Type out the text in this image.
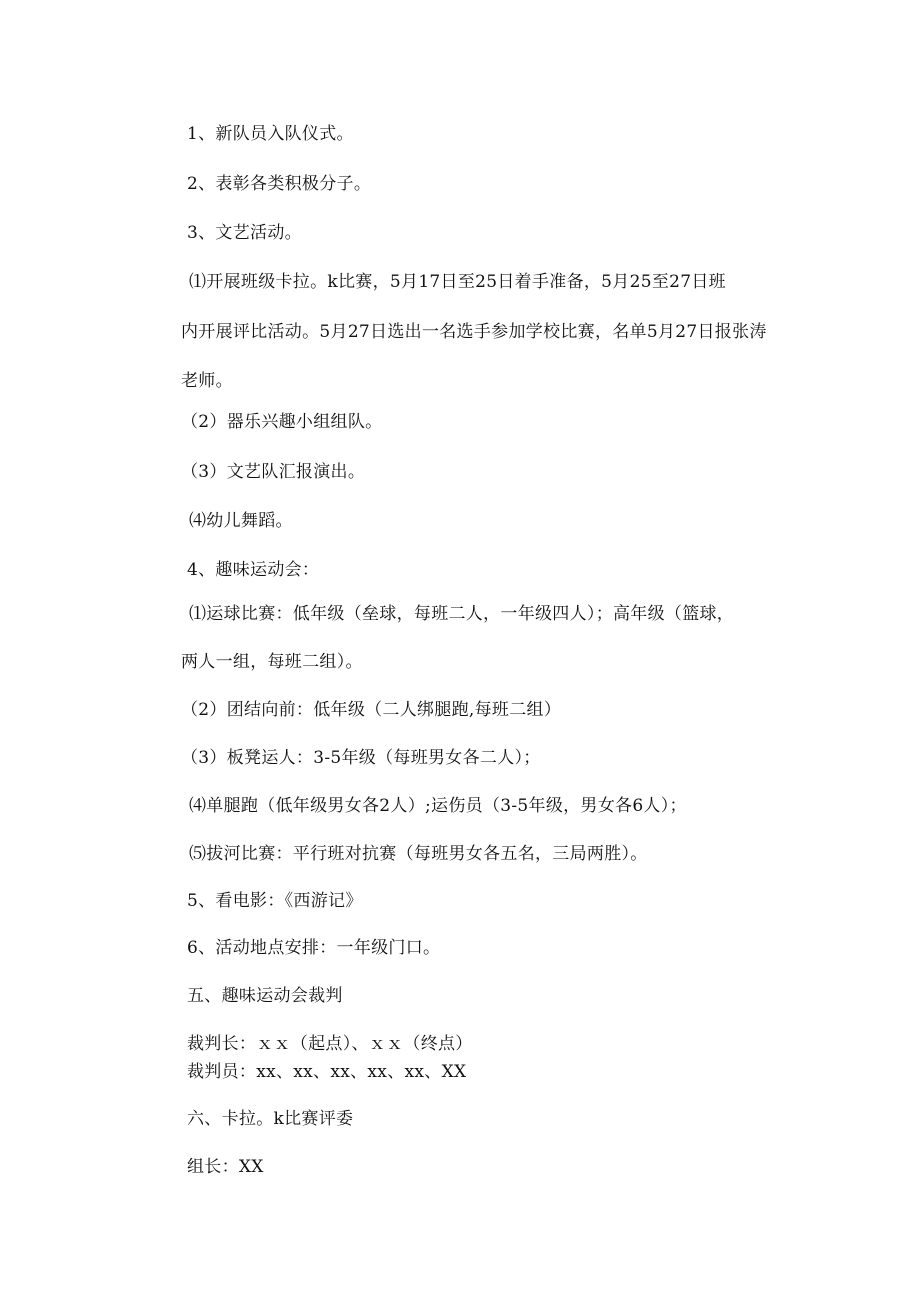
1、新队员入队仪式。
2、表彰各类积极分子。
3、文艺活动。
⑴开展班级卡拉。k比赛，5月17日至25日着手准备，5月25至27日班
内开展评比活动。5月27日选出一名选手参加学校比赛，名单5月27日报张涛
老师。
（2）器乐兴趣小组组队。
（3）文艺队汇报演出。
⑷幼儿舞蹈。
4、趣味运动会：
⑴运球比赛：低年级（垒球，每班二人，一年级四人）；高年级（篮球，
两人一组，每班二组）。
（2）团结向前：低年级（二人绑腿跑,每班二组）
（3）板凳运人：3-5年级（每班男女各二人）；
⑷单腿跑（低年级男女各2人）;运伤员（3-5年级，男女各6人）；
⑸拔河比赛：平行班对抗赛（每班男女各五名，三局两胜）。
5、看电影：《西游记》
6、活动地点安排：一年级门口。
五、趣味运动会裁判
裁判长：ｘｘ（起点）、ｘｘ（终点）
裁判员：xx、xx、xx、xx、xx、XX
六、卡拉。k比赛评委
组长：XX
